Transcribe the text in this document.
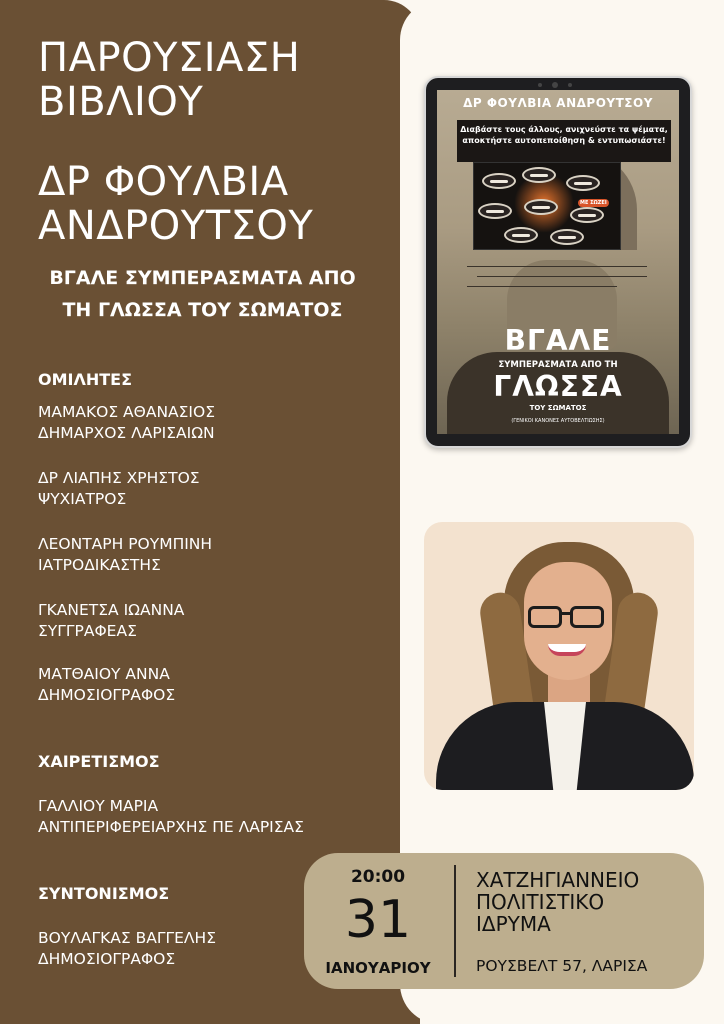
ΠΑΡΟΥΣΙΑΣΗ
ΒΙΒΛΙΟΥ
ΔΡ ΦΟΥΛΒΙΑ
ΑΝΔΡΟΥΤΣΟΥ
ΒΓΑΛΕ ΣΥΜΠΕΡΑΣΜΑΤΑ ΑΠΟ
ΤΗ ΓΛΩΣΣΑ ΤΟΥ ΣΩΜΑΤΟΣ
ΟΜΙΛΗΤΕΣ
ΜΑΜΑΚΟΣ ΑΘΑΝΑΣΙΟΣ
ΔΗΜΑΡΧΟΣ ΛΑΡΙΣΑΙΩΝ
ΔΡ ΛΙΑΠΗΣ ΧΡΗΣΤΟΣ
ΨΥΧΙΑΤΡΟΣ
ΛΕΟΝΤΑΡΗ ΡΟΥΜΠΙΝΗ
ΙΑΤΡΟΔΙΚΑΣΤΗΣ
ΓΚΑΝΕΤΣΑ ΙΩΑΝΝΑ
ΣΥΓΓΡΑΦΕΑΣ
ΜΑΤΘΑΙΟΥ ΑΝΝΑ
ΔΗΜΟΣΙΟΓΡΑΦΟΣ
ΧΑΙΡΕΤΙΣΜΟΣ
ΓΑΛΛΙΟΥ ΜΑΡΙΑ
ΑΝΤΙΠΕΡΙΦΕΡΕΙΑΡΧΗΣ ΠΕ ΛΑΡΙΣΑΣ
ΣΥΝΤΟΝΙΣΜΟΣ
ΒΟΥΛΑΓΚΑΣ ΒΑΓΓΕΛΗΣ
ΔΗΜΟΣΙΟΓΡΑΦΟΣ
ΔΡ ΦΟΥΛΒΙΑ ΑΝΔΡΟΥΤΣΟΥ
Διαβάστε τους άλλους, ανιχνεύστε τα ψέματα,
αποκτήστε αυτοπεποίθηση & εντυπωσιάστε!
ΜΕ ΣΩΖΕΙ
ΒΓΑΛΕ
ΣΥΜΠΕΡΑΣΜΑΤΑ ΑΠΟ ΤΗ
ΓΛΩΣΣΑ
ΤΟΥ ΣΩΜΑΤΟΣ
(ΓΕΝΙΚΟΙ ΚΑΝΟΝΕΣ ΑΥΤΟΒΕΛΤΙΩΣΗΣ)
20:00
31
ΙΑΝΟΥΑΡΙΟΥ
ΧΑΤΖΗΓΙΑΝΝΕΙΟ
ΠΟΛΙΤΙΣΤΙΚΟ
ΙΔΡΥΜΑ
ΡΟΥΣΒΕΛΤ 57, ΛΑΡΙΣΑ
